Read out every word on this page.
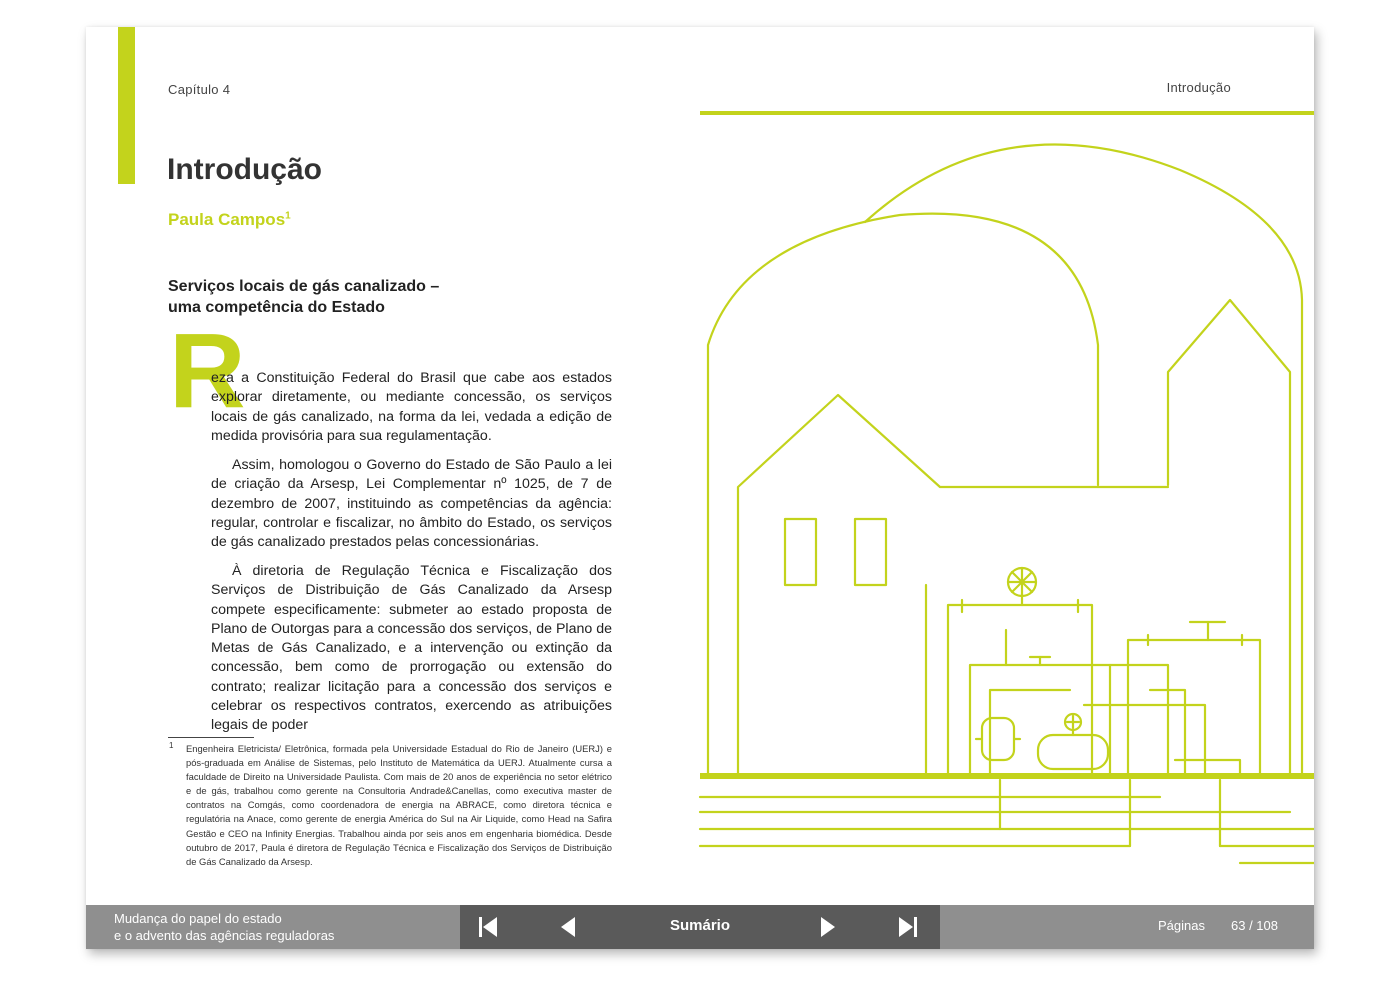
Capítulo 4	Introdução
Introdução
Paula Campos$^1$
Serviços locais de gás canalizado –
uma competência do Estado
R

eza a Constituição Federal do Brasil que cabe aos estados explorar diretamente, ou mediante concessão, os serviços locais de gás canalizado, na forma da lei, vedada a edição de medida provisória para sua regulamentação.

Assim, homologou o Governo do Estado de São Paulo a lei de criação da Arsesp, Lei Complementar nº 1025, de 7 de dezembro de 2007, instituindo as competências da agência: regular, controlar e fiscalizar, no âmbito do Estado, os serviços de gás canalizado prestados pelas concessionárias.

À diretoria de Regulação Técnica e Fiscalização dos Serviços de Distribuição de Gás Canalizado da Arsesp compete especificamente: submeter ao estado proposta de Plano de Outorgas para a concessão dos serviços, de Plano de Metas de Gás Canalizado, e a intervenção ou extinção da concessão, bem como de prorrogação ou extensão do contrato; realizar licitação para a concessão dos serviços e celebrar os respectivos contratos, exercendo as atribuições legais de poder

1 Engenheira Eletricista/ Eletrônica, formada pela Universidade Estadual do Rio de Janeiro (UERJ) e pós-graduada em Análise de Sistemas, pelo Instituto de Matemática da UERJ. Atualmente cursa a faculdade de Direito na Universidade Paulista. Com mais de 20 anos de experiência no setor elétrico e de gás, trabalhou como gerente na Consultoria Andrade&Canellas, como executiva master de contratos na Comgás, como coordenadora de energia na ABRACE, como diretora técnica e regulatória na Anace, como gerente de energia América do Sul na Air Liquide, como Head na Safira Gestão e CEO na Infinity Energias. Trabalhou ainda por seis anos em engenharia biomédica. Desde outubro de 2017, Paula é diretora de Regulação Técnica e Fiscalização dos Serviços de Distribuição de Gás Canalizado da Arsesp.
Mudança do papel do estado
e o advento das agências reguladoras
Sumário	Páginas 63 / 108
